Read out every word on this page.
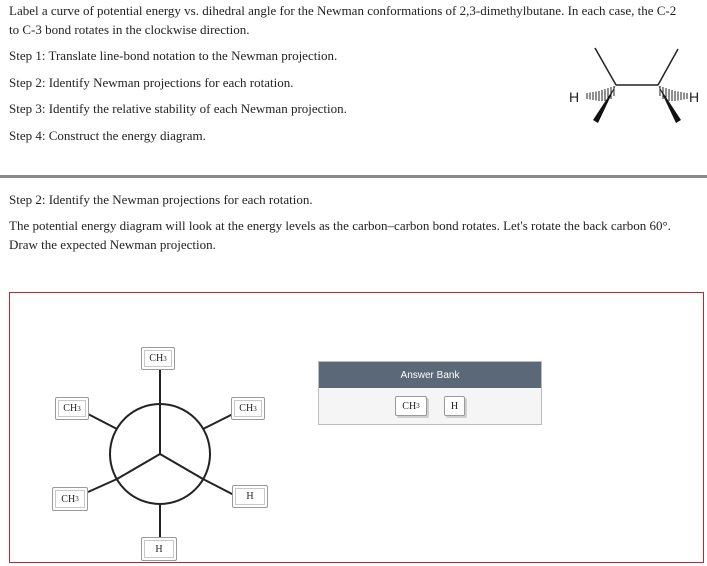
Label a curve of potential energy vs. dihedral angle for the Newman conformations of 2,3-dimethylbutane. In each case, the C-2
to C-3 bond rotates in the clockwise direction.
Step 1: Translate line-bond notation to the Newman projection.
Step 2: Identify Newman projections for each rotation.
Step 3: Identify the relative stability of each Newman projection.
Step 4: Construct the energy diagram.
H	H
Step 2: Identify the Newman projections for each rotation.
The potential energy diagram will look at the energy levels as the carbon–carbon bond rotates. Let's rotate the back carbon 60°.
Draw the expected Newman projection.
CH 3
CH 3	CH 3
CH 3	H
H
Answer Bank
CH 3	H
